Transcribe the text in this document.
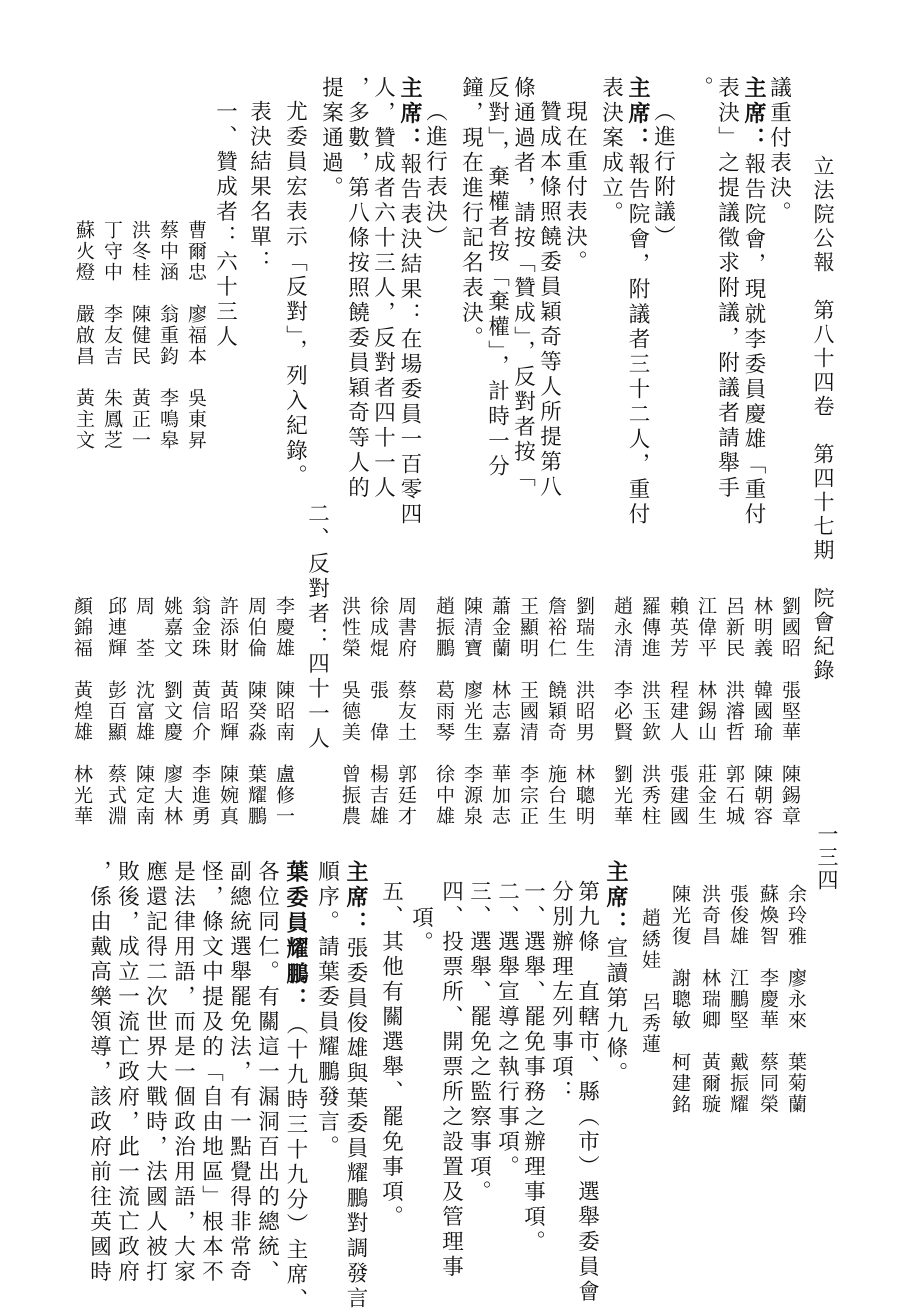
立法院公報　第八十四卷　第四十七期　院會紀錄
一三四
議重付表決。
主席：報告院會，現就李委員慶雄「重付
表決」之提議徵求附議，附議者請舉手
。
（進行附議）
主席：報告院會，附議者三十二人，重付
表決案成立。
現在重付表決。
贊成本條照饒委員穎奇等人所提第八
條通過者，請按「贊成」，反對者按「
反對」，棄權者按「棄權」，計時一分
鐘，現在進行記名表決。
（進行表決）
主席：報告表決結果：在場委員一百零四
人，贊成者六十三人，反對者四十一人
，多數，第八條按照饒委員穎奇等人的
提案通過。
尤委員宏表示「反對」，列入紀錄。
表決結果名單：
一、贊成者：六十三人
曹爾忠　廖福本　吳東昇
蔡中涵　翁重鈞　李鳴皋
洪冬桂　陳健民　黃正一
丁守中　李友吉　朱鳳芝
蘇火燈　嚴啟昌　黃主文
劉國昭　張堅華　陳錫章
林明義　韓國瑜　陳朝容
呂新民　洪濬哲　郭石城
江偉平　林錫山　莊金生
賴英芳　程建人　張建國
羅傳進　洪玉欽　洪秀柱
趙永清　李必賢　劉光華
劉瑞生　洪昭男　林聰明
詹裕仁　饒穎奇　施台生
王顯明　王國清　李宗正
蕭金蘭　林志嘉　華加志
陳清寶　廖光生　李源泉
趙振鵬　葛雨琴　徐中雄
周書府　蔡友土　郭廷才
徐成焜　張　偉　楊吉雄
洪性榮　吳德美　曾振農
二、反對者：四十一人
李慶雄　陳昭南　盧修一
周伯倫　陳癸淼　葉耀鵬
許添財　黃昭輝　陳婉真
翁金珠　黃信介　李進勇
姚嘉文　劉文慶　廖大林
周　荃　沈富雄　陳定南
邱連輝　彭百顯　蔡式淵
顏錦福　黃煌雄　林光華
余玲雅　廖永來　葉菊蘭
蘇煥智　李慶華　蔡同榮
張俊雄　江鵬堅　戴振耀
洪奇昌　林瑞卿　黃爾璇
陳光復　謝聰敏　柯建銘
趙綉娃　呂秀蓮
主席：宣讀第九條。
第九條　直轄市、縣（市）選舉委員會
分別辦理左列事項：
一、選舉、罷免事務之辦理事項。
二、選舉宣導之執行事項。
三、選舉、罷免之監察事項。
四、投票所、開票所之設置及管理事
項。
五、其他有關選舉、罷免事項。
主席：張委員俊雄與葉委員耀鵬對調發言
順序。請葉委員耀鵬發言。
葉委員耀鵬：（十九時三十九分）主席、
各位同仁。有關這一漏洞百出的總統、
副總統選舉罷免法，有一點覺得非常奇
怪，條文中提及的「自由地區」根本不
是法律用語，而是一個政治用語，大家
應還記得二次世界大戰時，法國人被打
敗後，成立一流亡政府，此一流亡政府
，係由戴高樂領導，該政府前往英國時
